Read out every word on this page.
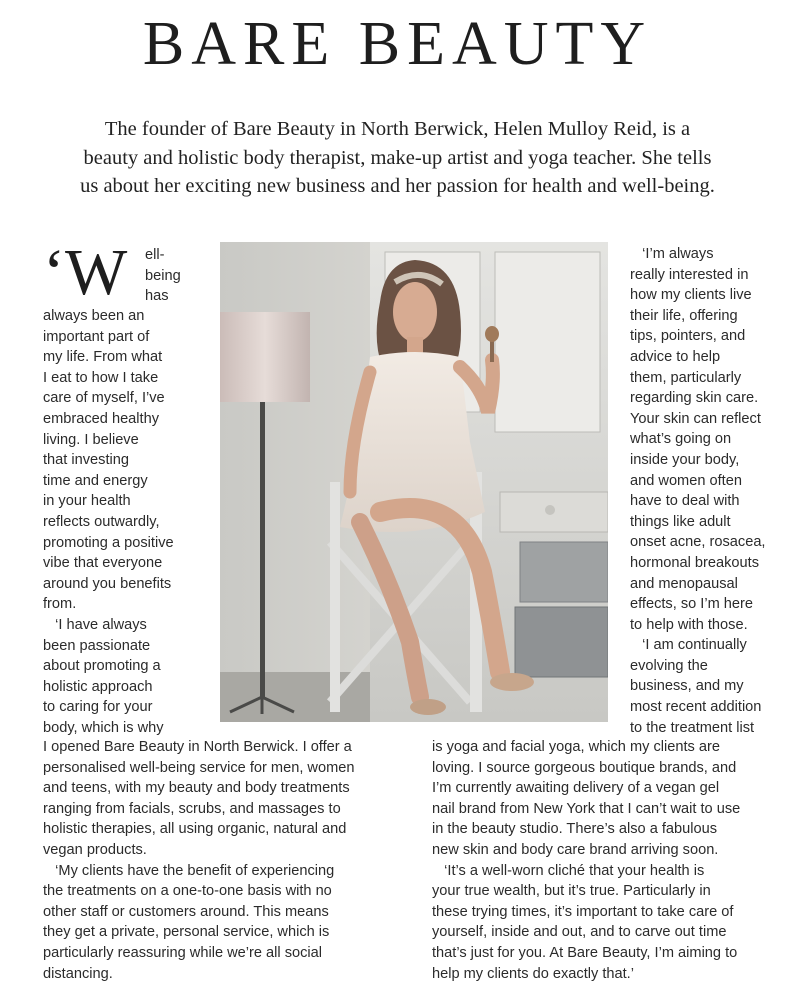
BARE BEAUTY
The founder of Bare Beauty in North Berwick, Helen Mulloy Reid, is a
beauty and holistic body therapist, make-up artist and yoga teacher. She tells
us about her exciting new business and her passion for health and well-being.
‘W	ell-
being
has
always been an
important part of
my life. From what
I eat to how I take
care of myself, I’ve
embraced healthy
living. I believe
that investing
time and energy
in your health
reflects outwardly,
promoting a positive
vibe that everyone
around you benefits
from.
‘I have always
been passionate
about promoting a
holistic approach
to caring for your
body, which is why
‘I’m always
really interested in
how my clients live
their life, offering
tips, pointers, and
advice to help
them, particularly
regarding skin care.
Your skin can reflect
what’s going on
inside your body,
and women often
have to deal with
things like adult
onset acne, rosacea,
hormonal breakouts
and menopausal
effects, so I’m here
to help with those.
‘I am continually
evolving the
business, and my
most recent addition
to the treatment list
I opened Bare Beauty in North Berwick. I offer a
personalised well-being service for men, women
and teens, with my beauty and body treatments
ranging from facials, scrubs, and massages to
holistic therapies, all using organic, natural and
vegan products.
‘My clients have the benefit of experiencing
the treatments on a one-to-one basis with no
other staff or customers around. This means
they get a private, personal service, which is
particularly reassuring while we’re all social
distancing.
is yoga and facial yoga, which my clients are
loving. I source gorgeous boutique brands, and
I’m currently awaiting delivery of a vegan gel
nail brand from New York that I can’t wait to use
in the beauty studio. There’s also a fabulous
new skin and body care brand arriving soon.
‘It’s a well-worn cliché that your health is
your true wealth, but it’s true. Particularly in
these trying times, it’s important to take care of
yourself, inside and out, and to carve out time
that’s just for you. At Bare Beauty, I’m aiming to
help my clients do exactly that.’
